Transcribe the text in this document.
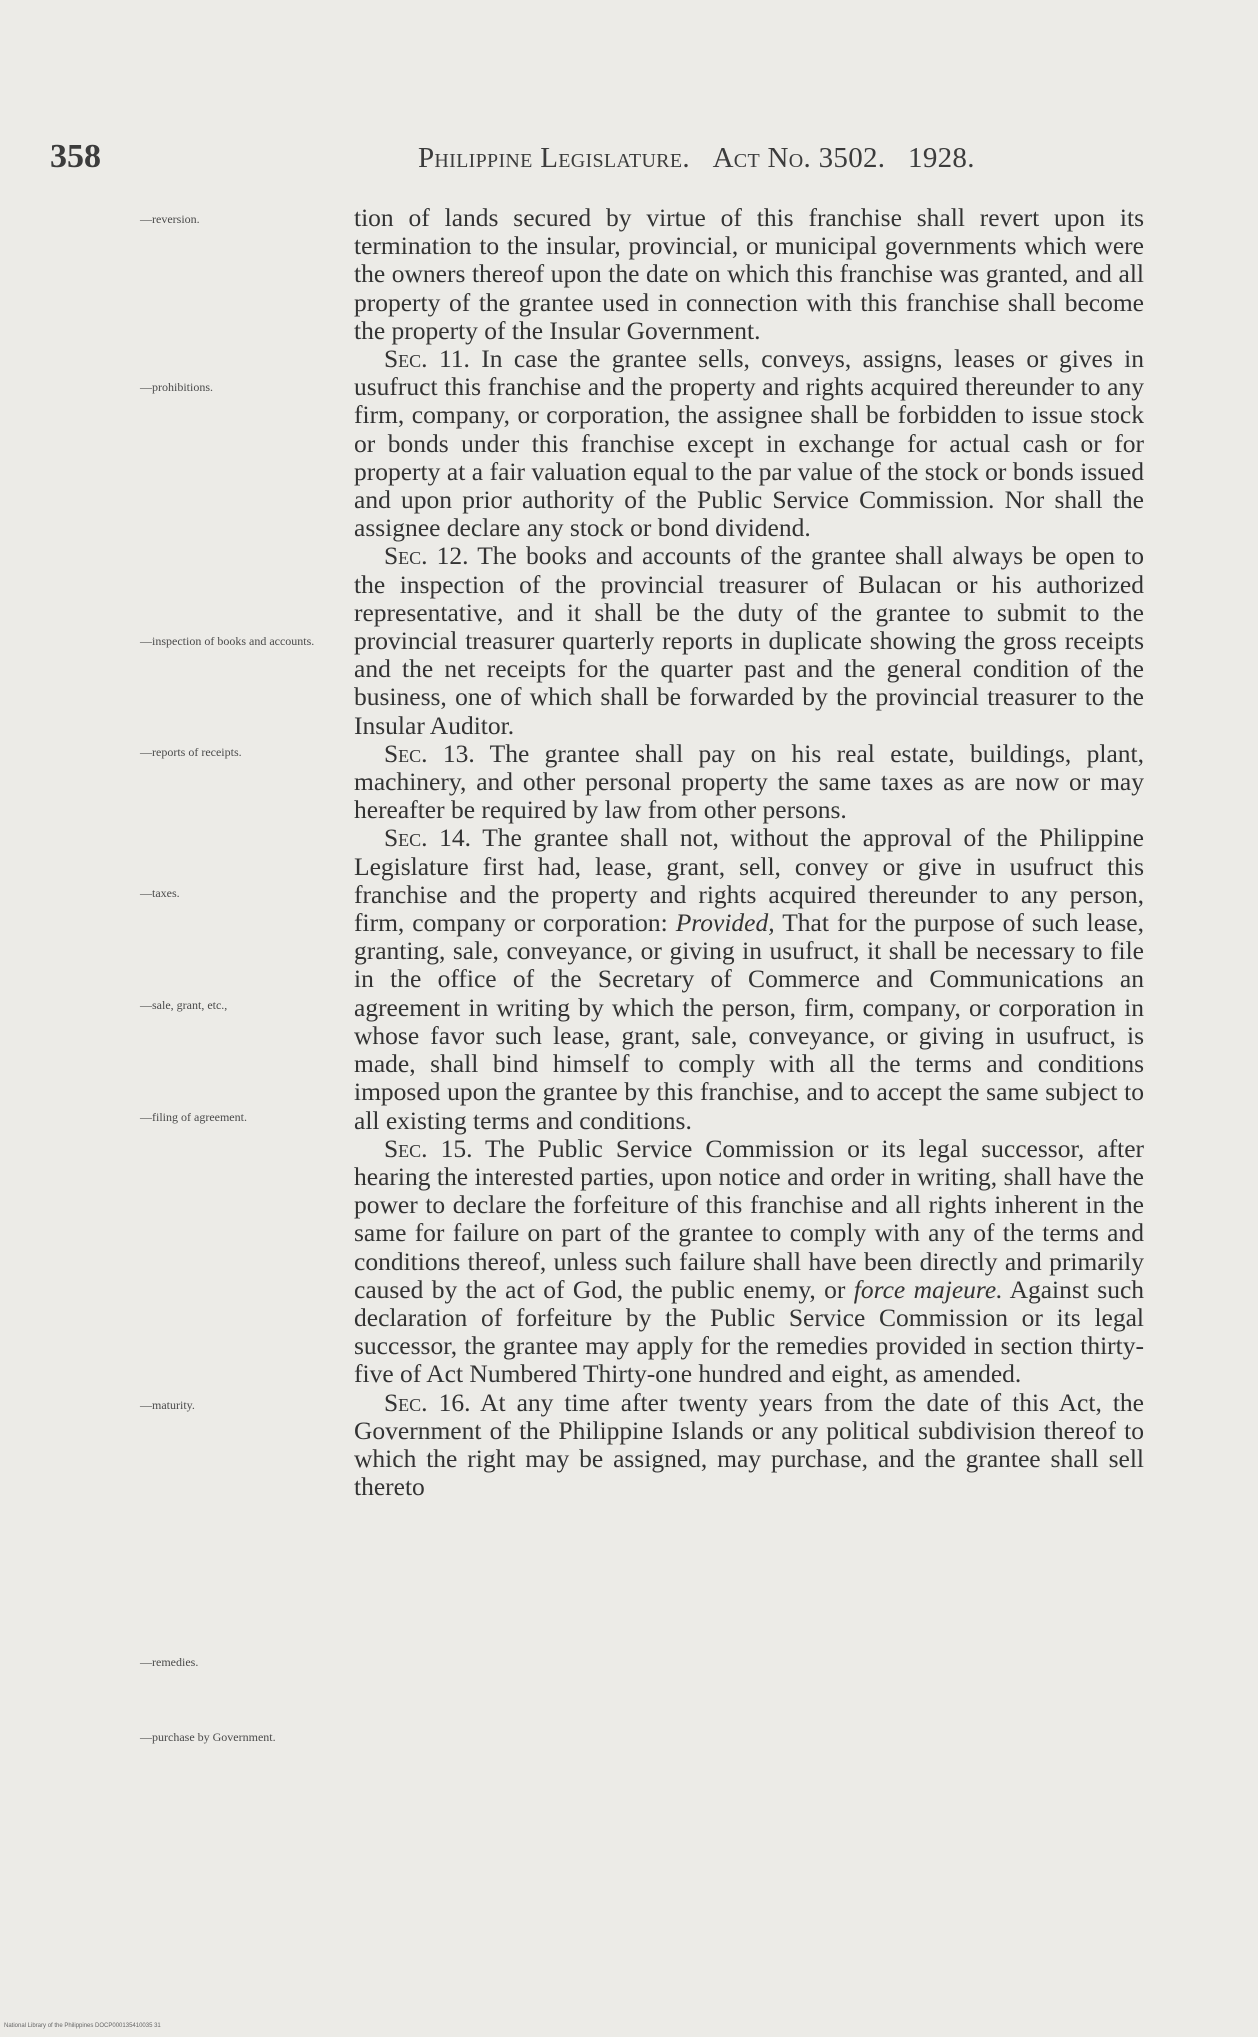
358	Philippine Legislature. Act No. 3502. 1928.
—reversion.
—prohibitions.
—inspection of books and accounts.
—reports of receipts.
—taxes.
—sale, grant, etc.,
—filing of agreement.
—maturity.
—remedies.
—purchase by Government.

tion of lands secured by virtue of this franchise shall revert upon its termination to the insular, provincial, or municipal governments which were the owners thereof upon the date on which this franchise was granted, and all property of the grantee used in connection with this franchise shall become the property of the Insular Government.

Sec. 11. In case the grantee sells, conveys, assigns, leases or gives in usufruct this franchise and the property and rights acquired thereunder to any firm, company, or corporation, the assignee shall be forbidden to issue stock or bonds under this franchise except in exchange for actual cash or for property at a fair valuation equal to the par value of the stock or bonds issued and upon prior authority of the Public Service Commission. Nor shall the assignee declare any stock or bond dividend.

Sec. 12. The books and accounts of the grantee shall always be open to the inspection of the provincial treasurer of Bulacan or his authorized representative, and it shall be the duty of the grantee to submit to the provincial treasurer quarterly reports in duplicate showing the gross receipts and the net receipts for the quarter past and the general condition of the business, one of which shall be forwarded by the provincial treasurer to the Insular Auditor.

Sec. 13. The grantee shall pay on his real estate, buildings, plant, machinery, and other personal property the same taxes as are now or may hereafter be required by law from other persons.

Sec. 14. The grantee shall not, without the approval of the Philippine Legislature first had, lease, grant, sell, convey or give in usufruct this franchise and the property and rights acquired thereunder to any person, firm, company or corporation: Provided, That for the purpose of such lease, granting, sale, conveyance, or giving in usufruct, it shall be necessary to file in the office of the Secretary of Commerce and Communications an agreement in writing by which the person, firm, company, or corporation in whose favor such lease, grant, sale, conveyance, or giving in usufruct, is made, shall bind himself to comply with all the terms and conditions imposed upon the grantee by this franchise, and to accept the same subject to all existing terms and conditions.

Sec. 15. The Public Service Commission or its legal successor, after hearing the interested parties, upon notice and order in writing, shall have the power to declare the forfeiture of this franchise and all rights inherent in the same for failure on part of the grantee to comply with any of the terms and conditions thereof, unless such failure shall have been directly and primarily caused by the act of God, the public enemy, or force majeure. Against such declaration of forfeiture by the Public Service Commission or its legal successor, the grantee may apply for the remedies provided in section thirty-five of Act Numbered Thirty-one hundred and eight, as amended.

Sec. 16. At any time after twenty years from the date of this Act, the Government of the Philippine Islands or any political subdivision thereof to which the right may be assigned, may purchase, and the grantee shall sell thereto

National Library of the Philippines DOCP000135410035 31
